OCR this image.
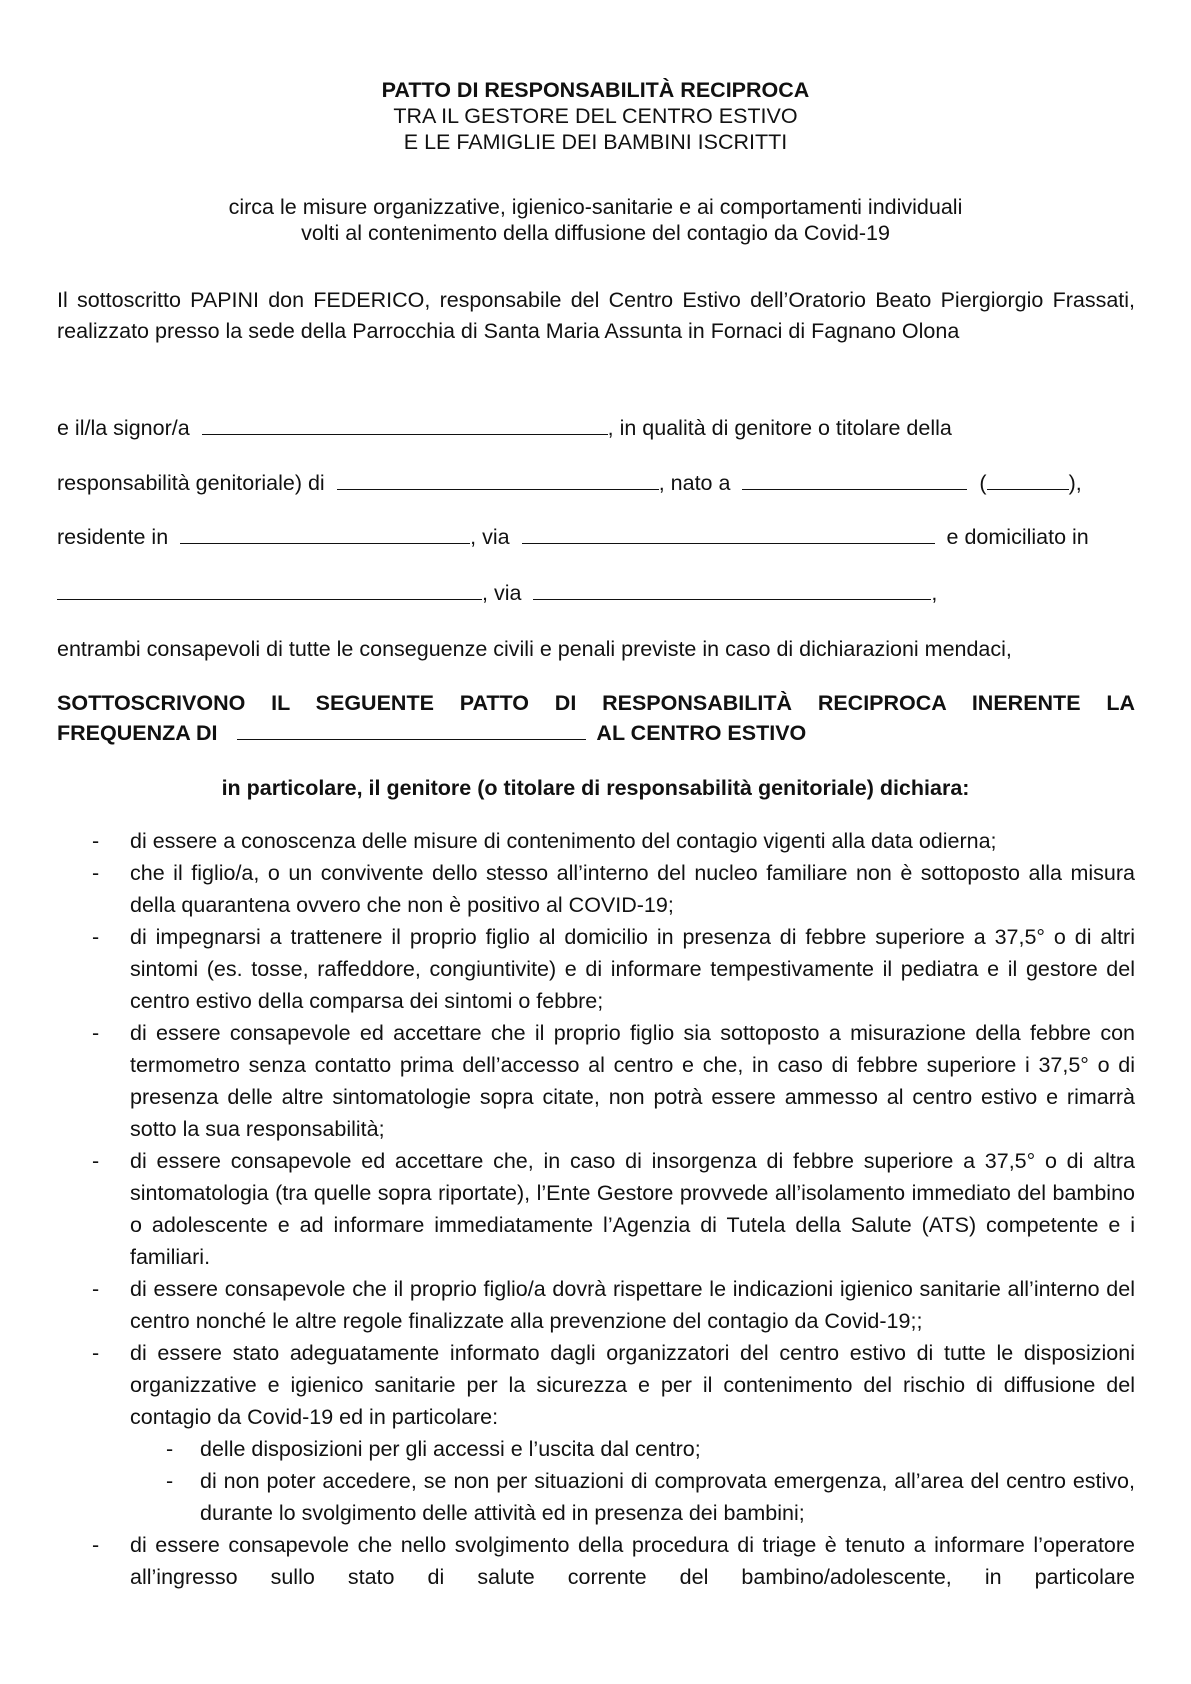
PATTO DI RESPONSABILITÀ RECIPROCA
TRA IL GESTORE DEL CENTRO ESTIVO
E LE FAMIGLIE DEI BAMBINI ISCRITTI
circa le misure organizzative, igienico-sanitarie e ai comportamenti individuali
volti al contenimento della diffusione del contagio da Covid-19

Il sottoscritto PAPINI don FEDERICO, responsabile del Centro Estivo dell’Oratorio Beato Piergiorgio Frassati, realizzato presso la sede della Parrocchia di Santa Maria Assunta in Fornaci di Fagnano Olona

e il/la signor/a	, in qualità di genitore o titolare della
responsabilità genitoriale) di	, nato a	(	),
residente in	, via	e domiciliato in
, via	,
entrambi consapevoli di tutte le conseguenze civili e penali previste in caso di dichiarazioni mendaci,
SOTTOSCRIVONO IL SEGUENTE PATTO DI RESPONSABILITÀ RECIPROCA INERENTE LA
FREQUENZA DI	AL CENTRO ESTIVO
in particolare, il genitore (o titolare di responsabilità genitoriale) dichiara:
- di essere a conoscenza delle misure di contenimento del contagio vigenti alla data odierna;
- che il figlio/a, o un convivente dello stesso all’interno del nucleo familiare non è sottoposto alla misura della quarantena ovvero che non è positivo al COVID-19;
- di impegnarsi a trattenere il proprio figlio al domicilio in presenza di febbre superiore a 37,5° o di altri sintomi (es. tosse, raffeddore, congiuntivite) e di informare tempestivamente il pediatra e il gestore del centro estivo della comparsa dei sintomi o febbre;
- di essere consapevole ed accettare che il proprio figlio sia sottoposto a misurazione della febbre con termometro senza contatto prima dell’accesso al centro e che, in caso di febbre superiore i 37,5° o di presenza delle altre sintomatologie sopra citate, non potrà essere ammesso al centro estivo e rimarrà sotto la sua responsabilità;
- di essere consapevole ed accettare che, in caso di insorgenza di febbre superiore a 37,5° o di altra sintomatologia (tra quelle sopra riportate), l’Ente Gestore provvede all’isolamento immediato del bambino o adolescente e ad informare immediatamente l’Agenzia di Tutela della Salute (ATS) competente e i familiari.
- di essere consapevole che il proprio figlio/a dovrà rispettare le indicazioni igienico sanitarie all’interno del centro nonché le altre regole finalizzate alla prevenzione del contagio da Covid-19;;
- di essere stato adeguatamente informato dagli organizzatori del centro estivo di tutte le disposizioni organizzative e igienico sanitarie per la sicurezza e per il contenimento del rischio di diffusione del contagio da Covid-19 ed in particolare:
- delle disposizioni per gli accessi e l’uscita dal centro;
- di non poter accedere, se non per situazioni di comprovata emergenza, all’area del centro estivo, durante lo svolgimento delle attività ed in presenza dei bambini;
- di essere consapevole che nello svolgimento della procedura di triage è tenuto a informare l’operatore all’ingresso sullo stato di salute corrente del bambino/adolescente, in particolare
